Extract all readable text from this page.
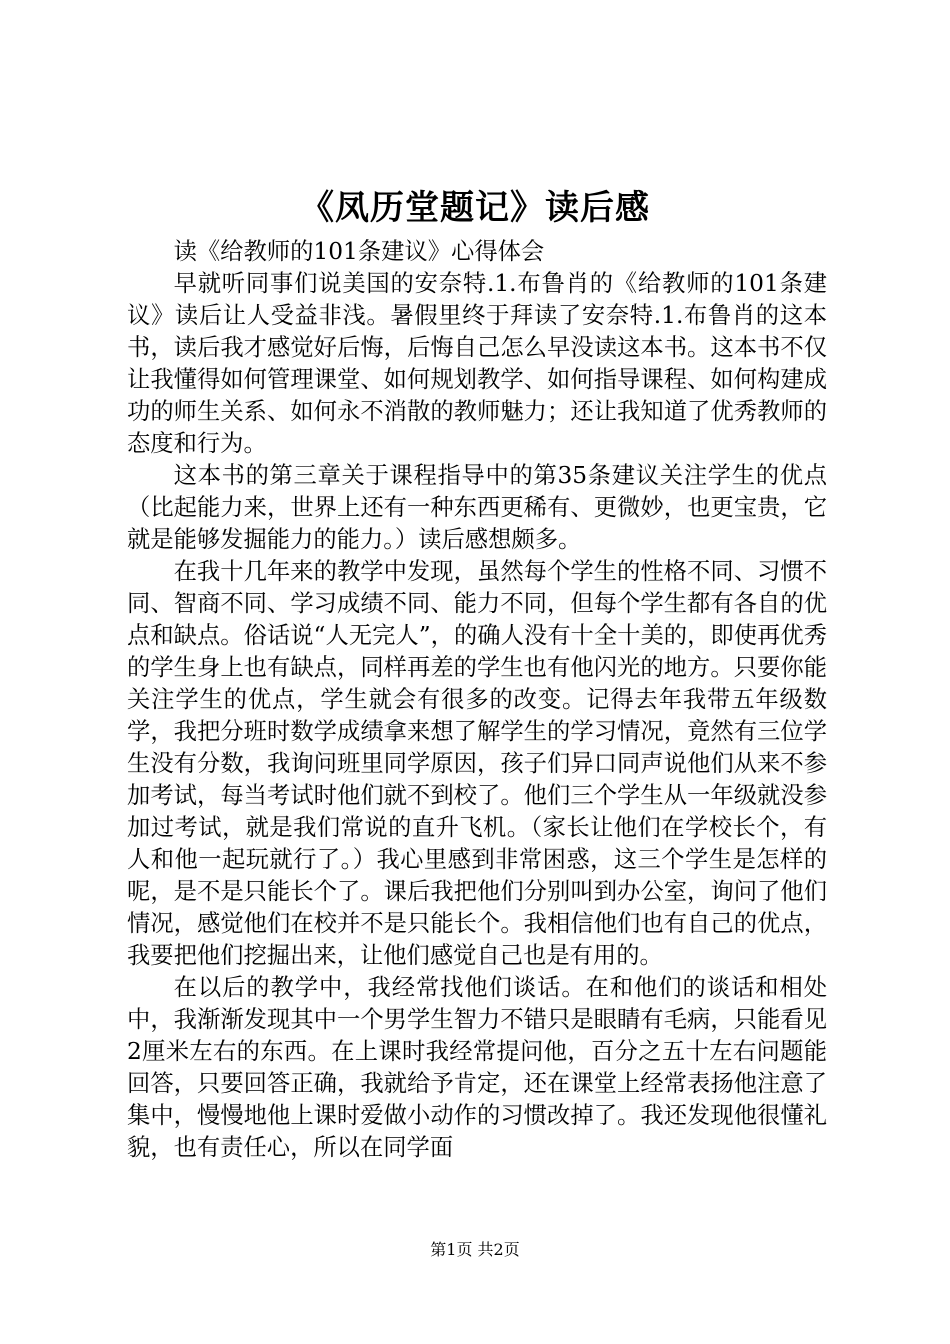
《凤历堂题记》读后感

读《给教师的101条建议》心得体会

早就听同事们说美国的安奈特.1.布鲁肖的《给教师的101条建议》读后让人受益非浅。暑假里终于拜读了安奈特.1.布鲁肖的这本书，读后我才感觉好后悔，后悔自己怎么早没读这本书。这本书不仅让我懂得如何管理课堂、如何规划教学、如何指导课程、如何构建成功的师生关系、如何永不消散的教师魅力；还让我知道了优秀教师的态度和行为。

这本书的第三章关于课程指导中的第35条建议关注学生的优点（比起能力来，世界上还有一种东西更稀有、更微妙，也更宝贵，它就是能够发掘能力的能力。）读后感想颇多。

在我十几年来的教学中发现，虽然每个学生的性格不同、习惯不同、智商不同、学习成绩不同、能力不同，但每个学生都有各自的优点和缺点。俗话说“人无完人”，的确人没有十全十美的，即使再优秀的学生身上也有缺点，同样再差的学生也有他闪光的地方。只要你能关注学生的优点，学生就会有很多的改变。记得去年我带五年级数学，我把分班时数学成绩拿来想了解学生的学习情况，竟然有三位学生没有分数，我询问班里同学原因，孩子们异口同声说他们从来不参加考试，每当考试时他们就不到校了。他们三个学生从一年级就没参加过考试，就是我们常说的直升飞机。（家长让他们在学校长个，有人和他一起玩就行了。）我心里感到非常困惑，这三个学生是怎样的呢，是不是只能长个了。课后我把他们分别叫到办公室，询问了他们情况，感觉他们在校并不是只能长个。我相信他们也有自己的优点，我要把他们挖掘出来，让他们感觉自己也是有用的。

在以后的教学中，我经常找他们谈话。在和他们的谈话和相处中，我渐渐发现其中一个男学生智力不错只是眼睛有毛病，只能看见2厘米左右的东西。在上课时我经常提问他，百分之五十左右问题能回答，只要回答正确，我就给予肯定，还在课堂上经常表扬他注意了集中，慢慢地他上课时爱做小动作的习惯改掉了。我还发现他很懂礼貌，也有责任心，所以在同学面

第1页 共2页
